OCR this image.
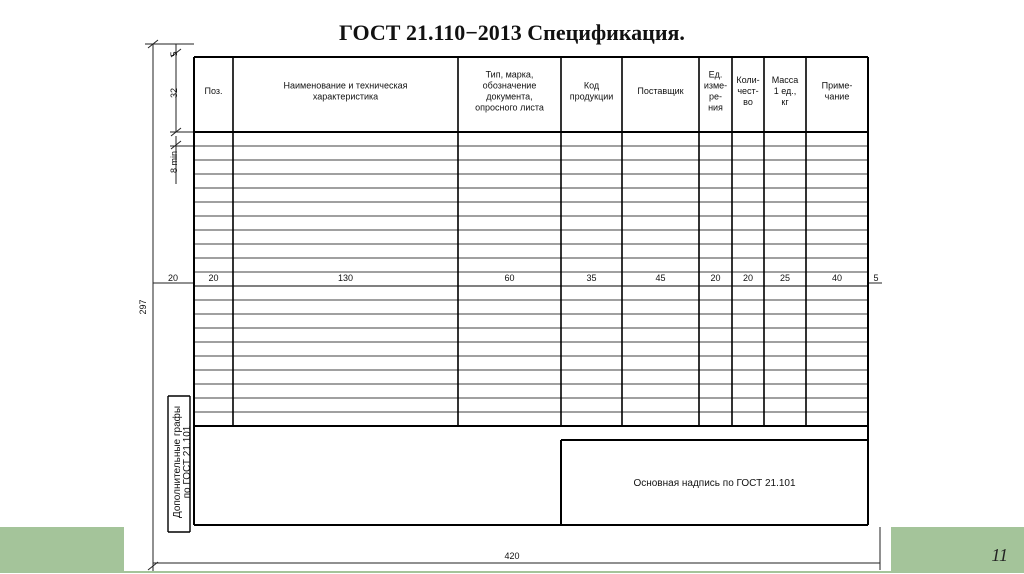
ГОСТ 21.110−2013 Спецификация.
Поз.
20
Наименование и техническая
характеристика
130
Тип, марка,
обозначение
документа,
опросного листа
60
Код
продукции
35
Поставщик
45
Ед.
изме-
ре-
ния
20
Коли-
чест-
во
20
Масса
1 ед.,
кг
25
Приме-
чание
40
5
32
8 min
20	5
297
420
Дополнительные графы по ГОСТ 21.101	Основная надпись по ГОСТ 21.101
11
